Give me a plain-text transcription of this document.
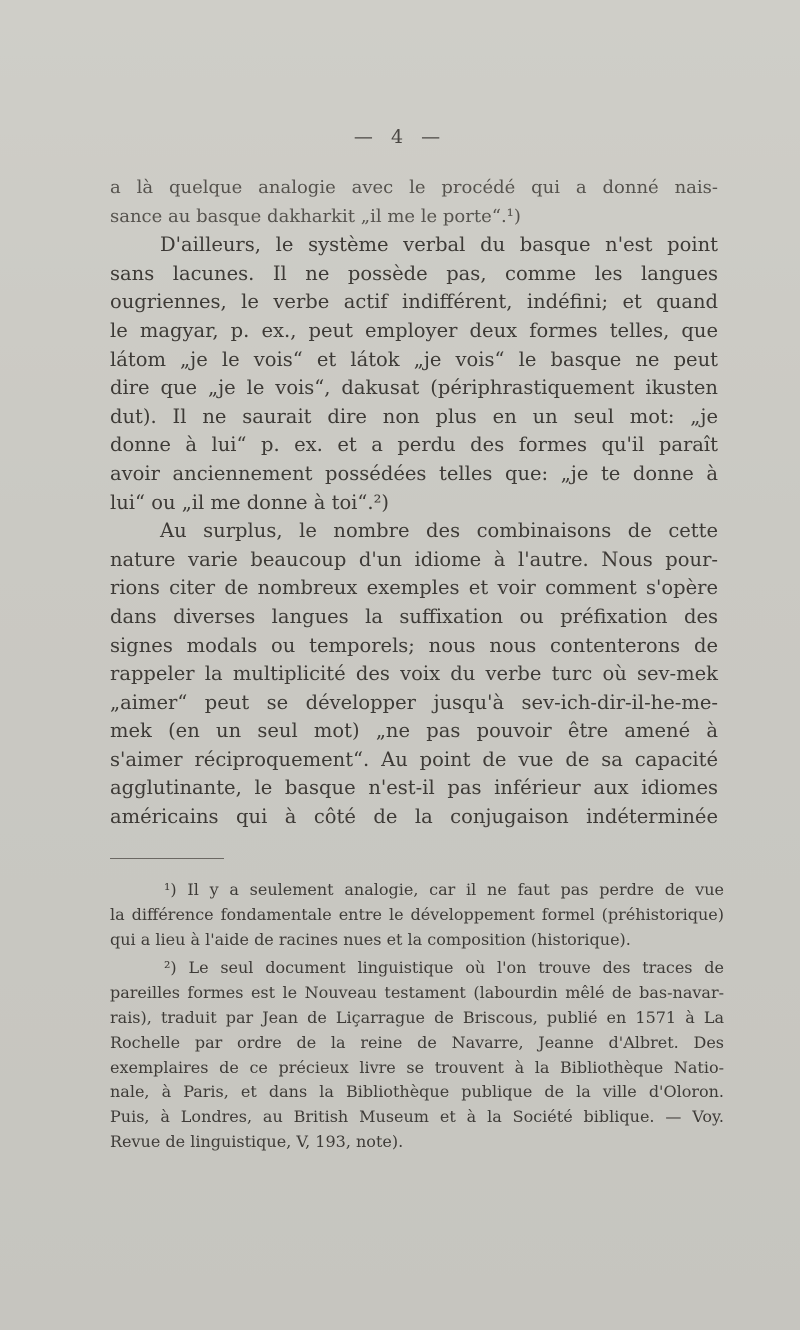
— 4 —
a là quelque analogie avec le procédé qui a donné nais-
sance au basque dakharkit „il me le porte“.¹)
D'ailleurs, le système verbal du basque n'est point
sans lacunes. Il ne possède pas, comme les langues
ougriennes, le verbe actif indifférent, indéfini; et quand
le magyar, p. ex., peut employer deux formes telles, que
látom „je le vois“ et látok „je vois“ le basque ne peut
dire que „je le vois“, dakusat (périphrastiquement ikusten
dut). Il ne saurait dire non plus en un seul mot: „je
donne à lui“ p. ex. et a perdu des formes qu'il paraît
avoir anciennement possédées telles que: „je te donne à
lui“ ou „il me donne à toi“.²)
Au surplus, le nombre des combinaisons de cette
nature varie beaucoup d'un idiome à l'autre. Nous pour-
rions citer de nombreux exemples et voir comment s'opère
dans diverses langues la suffixation ou préfixation des
signes modals ou temporels; nous nous contenterons de
rappeler la multiplicité des voix du verbe turc où sev-mek
„aimer“ peut se développer jusqu'à sev-ich-dir-il-he-me-
mek (en un seul mot) „ne pas pouvoir être amené à
s'aimer réciproquement“. Au point de vue de sa capacité
agglutinante, le basque n'est-il pas inférieur aux idiomes
américains qui à côté de la conjugaison indéterminée
¹) Il y a seulement analogie, car il ne faut pas perdre de vue
la différence fondamentale entre le développement formel (préhistorique)
qui a lieu à l'aide de racines nues et la composition (historique).
²) Le seul document linguistique où l'on trouve des traces de
pareilles formes est le Nouveau testament (labourdin mêlé de bas-navar-
rais), traduit par Jean de Liçarrague de Briscous, publié en 1571 à La
Rochelle par ordre de la reine de Navarre, Jeanne d'Albret. Des
exemplaires de ce précieux livre se trouvent à la Bibliothèque Natio-
nale, à Paris, et dans la Bibliothèque publique de la ville d'Oloron.
Puis, à Londres, au British Museum et à la Société biblique. — Voy.
Revue de linguistique, V, 193, note).
